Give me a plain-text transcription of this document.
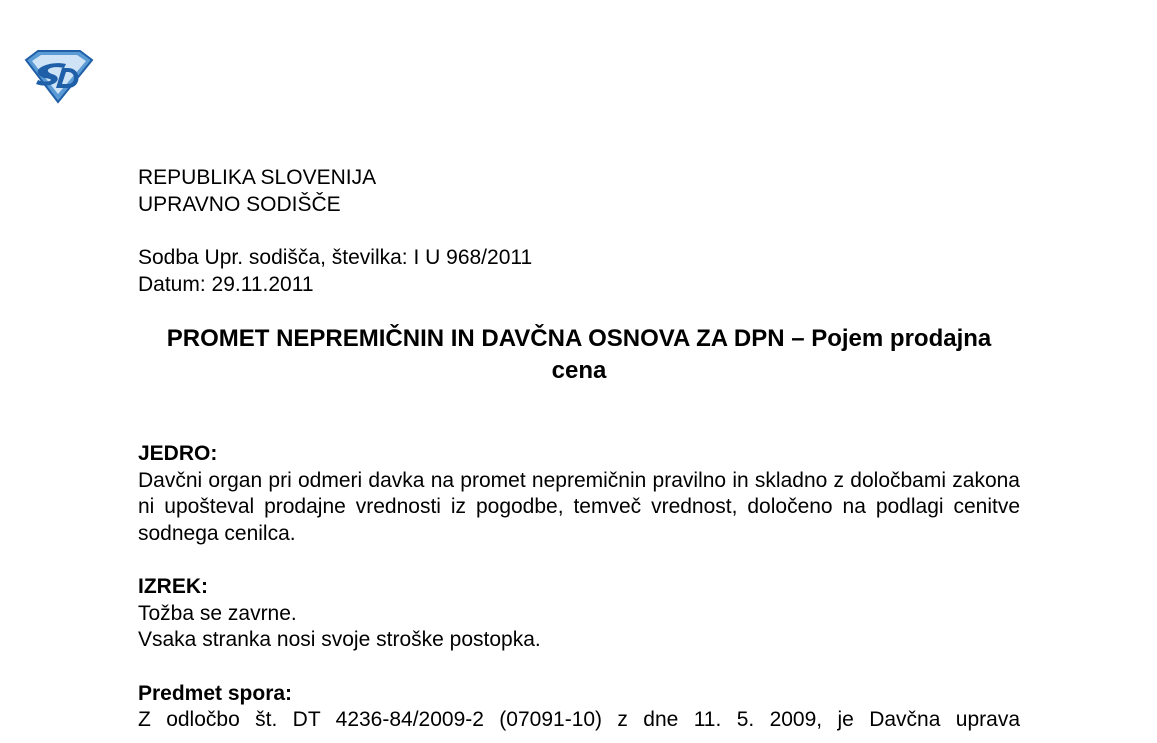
REPUBLIKA SLOVENIJA
UPRAVNO SODIŠČE
Sodba Upr. sodišča, številka: I U 968/2011
Datum: 29.11.2011
PROMET NEPREMIČNIN IN DAVČNA OSNOVA ZA DPN – Pojem prodajna cena
JEDRO:
Davčni organ pri odmeri davka na promet nepremičnin pravilno in skladno z določbami zakona ni upošteval prodajne vrednosti iz pogodbe, temveč vrednost, določeno na podlagi cenitve sodnega cenilca.
IZREK:
Tožba se zavrne.
Vsaka stranka nosi svoje stroške postopka.
Predmet spora:
Z odločbo št. DT 4236-84/2009-2 (07091-10) z dne 11. 5. 2009, je Davčna uprava
